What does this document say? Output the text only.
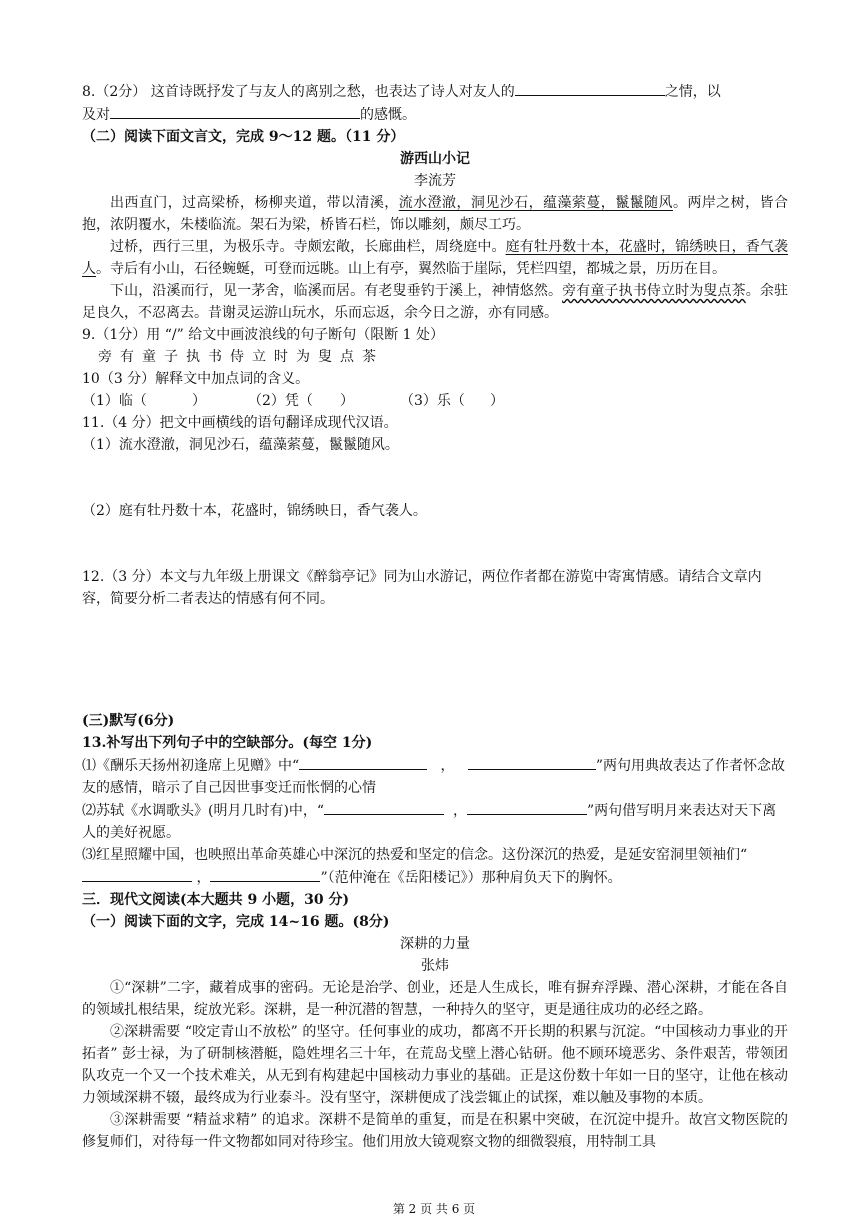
8.（2分） 这首诗既抒发了与友人的离别之愁，也表达了诗人对友人的	之情，以

及对	的感慨。

（二）阅读下面文言文，完成 9～12 题。（11 分）

游西山小记

李流芳

出西直门，过高梁桥，杨柳夹道，带以清溪，流水澄澈，洞见沙石，蕴藻萦蔓，鬣鬣随风。两岸之树，皆合抱，浓阴覆水，朱楼临流。架石为梁，桥皆石栏，饰以雕刻，颇尽工巧。

过桥，西行三里，为极乐寺。寺颇宏敞，长廊曲栏，周绕庭中。庭有牡丹数十本，花盛时，锦绣映日，香气袭人。寺后有小山，石径蜿蜒，可登而远眺。山上有亭，翼然临于崖际，凭栏四望，都城之景，历历在目。

下山，沿溪而行，见一茅舍，临溪而居。有老叟垂钓于溪上，神情悠然。旁有童子执书侍立时为叟点茶。余驻足良久，不忍离去。昔谢灵运游山玩水，乐而忘返，余今日之游，亦有同感。

9.（1分）用 “/” 给文中画波浪线的句子断句（限断 1 处）

旁有童子执书侍立时为叟点茶

10（3 分）解释文中加点词的含义。

（1）临（	）	（2）凭（	）	（3）乐（	）

11.（4 分）把文中画横线的语句翻译成现代汉语。

（1）流水澄澈，洞见沙石，蕴藻萦蔓，鬣鬣随风。

（2）庭有牡丹数十本，花盛时，锦绣映日，香气袭人。

12.（3 分）本文与九年级上册课文《醉翁亭记》同为山水游记，两位作者都在游览中寄寓情感。请结合文章内容，简要分析二者表达的情感有何不同。

(三)默写(6分)

13.补写出下列句子中的空缺部分。(每空 1分)

⑴《酬乐天扬州初逢席上见赠》中“	，	”两句用典故表达了作者怀念故友的感情，暗示了自己因世事变迁而怅惘的心情

⑵苏轼《水调歌头》(明月几时有)中，“	，	”两句借写明月来表达对天下离人的美好祝愿。

⑶红星照耀中国，也映照出革命英雄心中深沉的热爱和坚定的信念。这份深沉的热爱，是延安窑洞里领袖们“ ，	”（范仲淹在《岳阳楼记》）那种肩负天下的胸怀。

三．现代文阅读(本大题共 9 小题，30 分)

（一）阅读下面的文字，完成 14~16 题。(8分)

深耕的力量

张炜

①“深耕”二字，藏着成事的密码。无论是治学、创业，还是人生成长，唯有摒弃浮躁、潜心深耕，才能在各自的领域扎根结果，绽放光彩。深耕，是一种沉潜的智慧，一种持久的坚守，更是通往成功的必经之路。

②深耕需要 “咬定青山不放松” 的坚守。任何事业的成功，都离不开长期的积累与沉淀。“中国核动力事业的开拓者” 彭士禄，为了研制核潜艇，隐姓埋名三十年，在荒岛戈壁上潜心钻研。他不顾环境恶劣、条件艰苦，带领团队攻克一个又一个技术难关，从无到有构建起中国核动力事业的基础。正是这份数十年如一日的坚守，让他在核动力领域深耕不辍，最终成为行业泰斗。没有坚守，深耕便成了浅尝辄止的试探，难以触及事物的本质。

③深耕需要 “精益求精” 的追求。深耕不是简单的重复，而是在积累中突破，在沉淀中提升。故宫文物医院的修复师们，对待每一件文物都如同对待珍宝。他们用放大镜观察文物的细微裂痕，用特制工具

第 2 页 共 6 页
